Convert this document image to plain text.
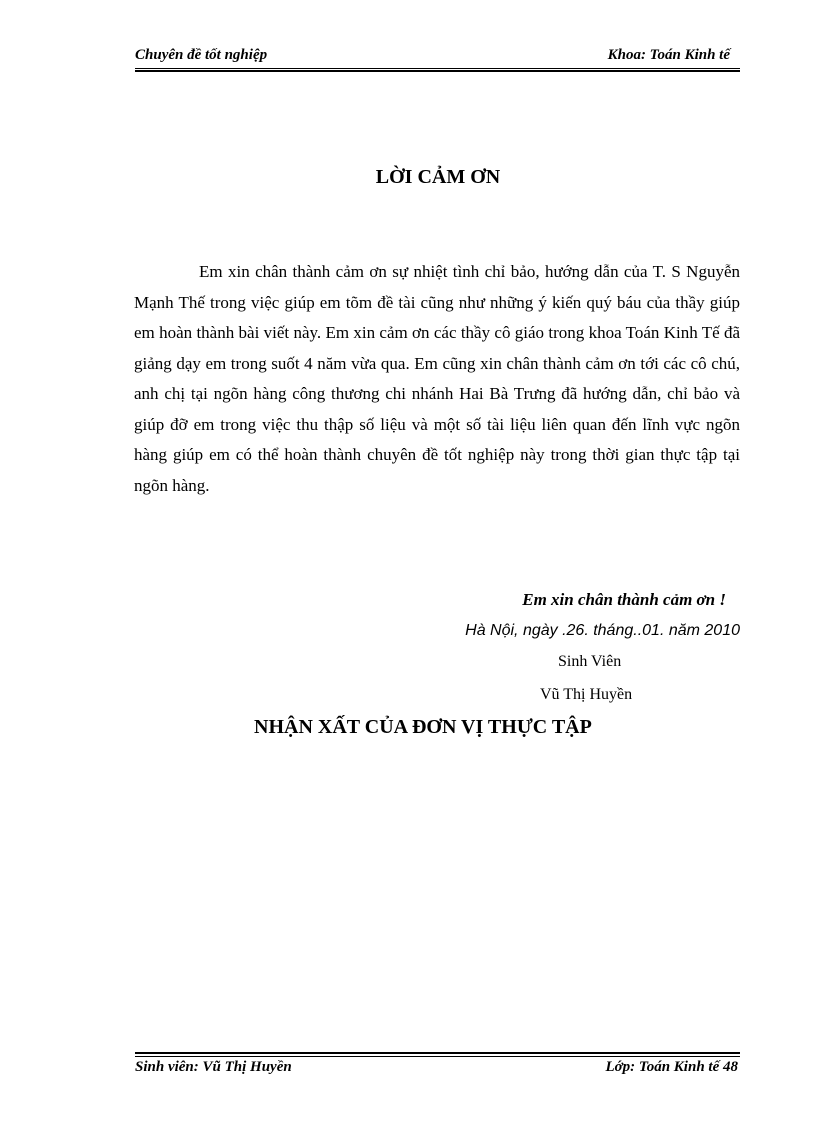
Chuyên đề tốt nghiệp	Khoa: Toán Kinh tế
LỜI CẢM ƠN

Em xin chân thành cảm ơn sự nhiệt tình chỉ bảo, hướng dẫn của T. S Nguyễn Mạnh Thế trong việc giúp em tõm đề tài cũng như những ý kiến quý báu của thầy giúp em hoàn thành bài viết này. Em xin cảm ơn các thầy cô giáo trong khoa Toán Kinh Tế đã giảng dạy em trong suốt 4 năm vừa qua. Em cũng xin chân thành cảm ơn tới các cô chú, anh chị tại ngõn hàng công thương chi nhánh Hai Bà Trưng đã hướng dẫn, chỉ bảo và giúp đỡ em trong việc thu thập số liệu và một số tài liệu liên quan đến lĩnh vực ngõn hàng giúp em có thể hoàn thành chuyên đề tốt nghiệp này trong thời gian thực tập tại ngõn hàng.

Em xin chân thành cảm ơn !
Hà Nội, ngày .26. tháng..01. năm 2010
Sinh Viên
Vũ Thị Huyền
NHẬN XẤT CỦA ĐƠN VỊ THỰC TẬP
Sinh viên: Vũ Thị Huyền	Lớp: Toán Kinh tế 48
